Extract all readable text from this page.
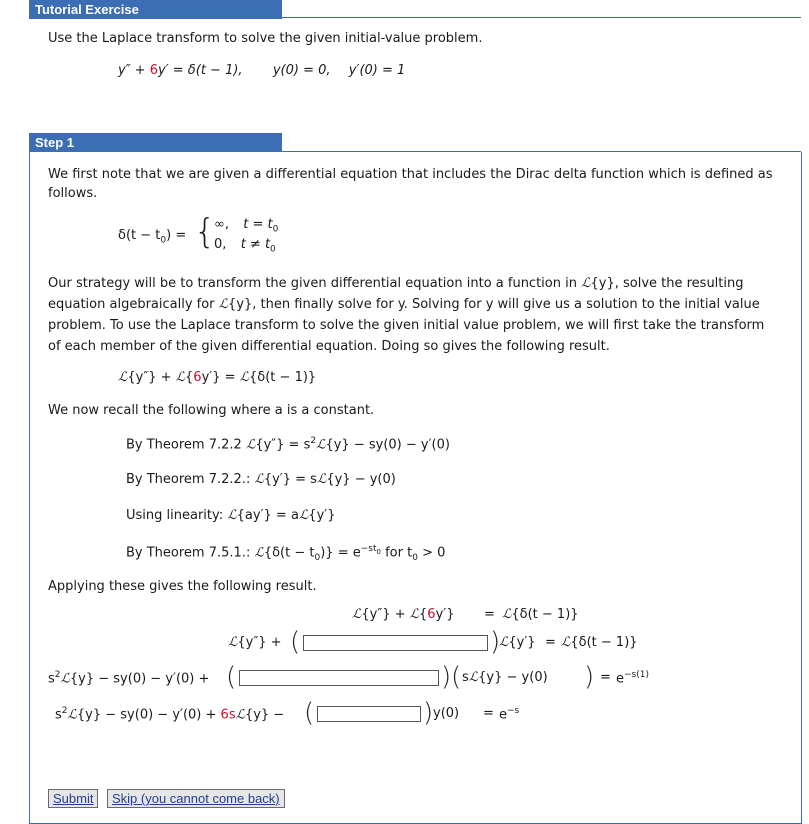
Tutorial Exercise
Use the Laplace transform to solve the given initial-value problem.
y″ + 6y′ = δ(t − 1), y(0) = 0, y′(0) = 1
Step 1
We first note that we are given a differential equation that includes the Dirac delta function which is defined as follows.
$\delta(t - t_0)$ = {
∞, $t = t_0$
0, $t \ne t_0$
Our strategy will be to transform the given differential equation into a function in ℒ{y}, solve the resulting equation algebraically for ℒ{y}, then finally solve for y. Solving for y will give us a solution to the initial value problem. To use the Laplace transform to solve the given initial value problem, we will first take the transform of each member of the given differential equation. Doing so gives the following result.
ℒ{y″} + ℒ{6y′} = ℒ{δ(t − 1)}
We now recall the following where a is a constant.
By Theorem 7.2.2 ℒ{y″} = $s^2ℒ\{y\} - sy(0) - y'(0)$
By Theorem 7.2.2.: ℒ{y′} = sℒ{y} − y(0)
Using linearity: ℒ{ay′} = aℒ{y′}
By Theorem 7.5.1.: ℒ{δ(t − $t_0)\} = e^{-st_0}$ for $t_0 > 0$
Applying these gives the following result.
ℒ{y″} + ℒ{6y′} = ℒ{δ(t − 1)}
ℒ{y″} + (	)
ℒ{y′} = ℒ{δ(t − 1)}
$s^2ℒ\{y\} - sy(0) - y'(0)$ + (	) ( sℒ{y} − y(0) ) = $e^{-s(1)}$
$s^2ℒ\{y\} - sy(0) - y'(0)$ + 6sℒ{y} − (	) $y(0) = e^{-s}$
Submit	Skip (you cannot come back)
